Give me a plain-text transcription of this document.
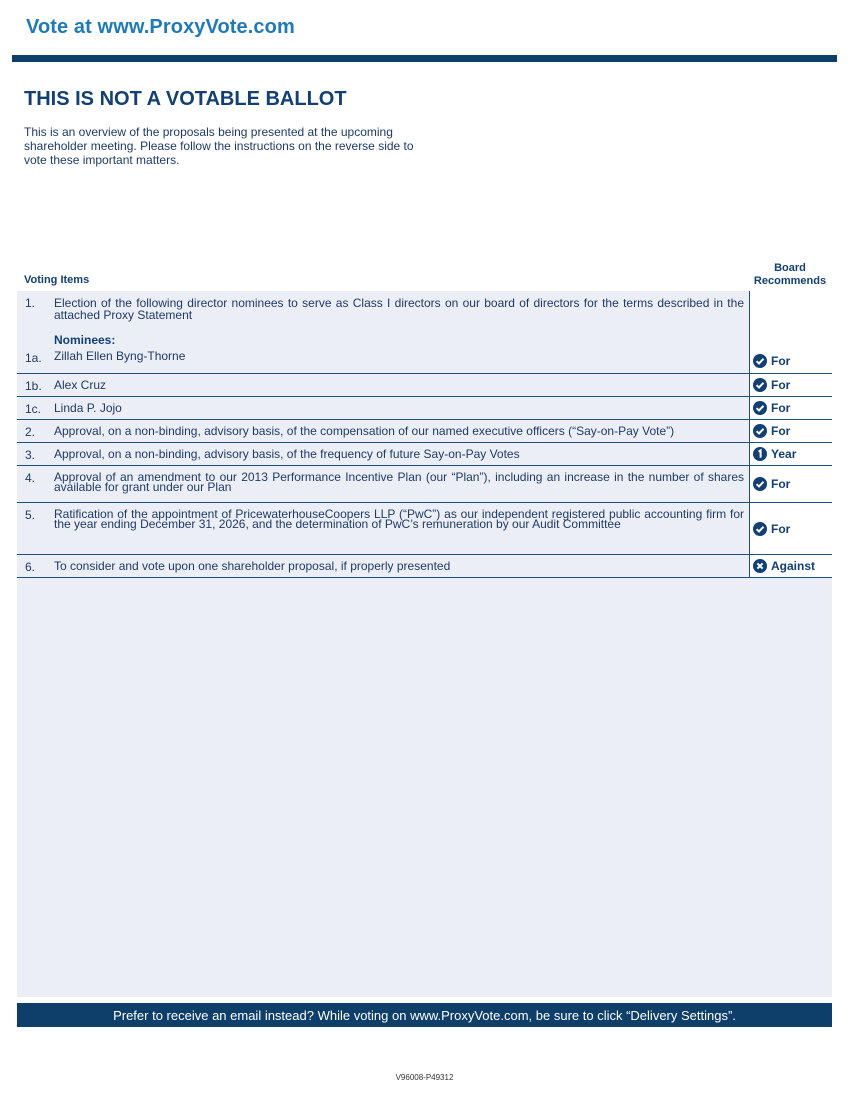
Vote at www.ProxyVote.com
THIS IS NOT A VOTABLE BALLOT

This is an overview of the proposals being presented at the upcoming shareholder meeting. Please follow the instructions on the reverse side to vote these important matters.

Voting Items
Board
Recommends
1.	Election of the following director nominees to serve as Class I directors on our board of directors for the terms described in the attached Proxy Statement
Nominees:
1a.	Zillah Ellen Byng-Thorne	For
1b.	Alex Cruz	For
1c.	Linda P. Jojo	For
2.	Approval, on a non-binding, advisory basis, of the compensation of our named executive officers (“Say-on-Pay Vote”)	For
3.	Approval, on a non-binding, advisory basis, of the frequency of future Say-on-Pay Votes	Year
4.	Approval of an amendment to our 2013 Performance Incentive Plan (our “Plan”), including an increase in the number of shares available for grant under our Plan	For
5.	Ratification of the appointment of PricewaterhouseCoopers LLP (“PwC”) as our independent registered public accounting firm for the year ending December 31, 2026, and the determination of PwC’s remuneration by our Audit Committee	For
6.	To consider and vote upon one shareholder proposal, if properly presented	Against
Prefer to receive an email instead? While voting on www.ProxyVote.com, be sure to click “Delivery Settings”.
V96008-P49312
